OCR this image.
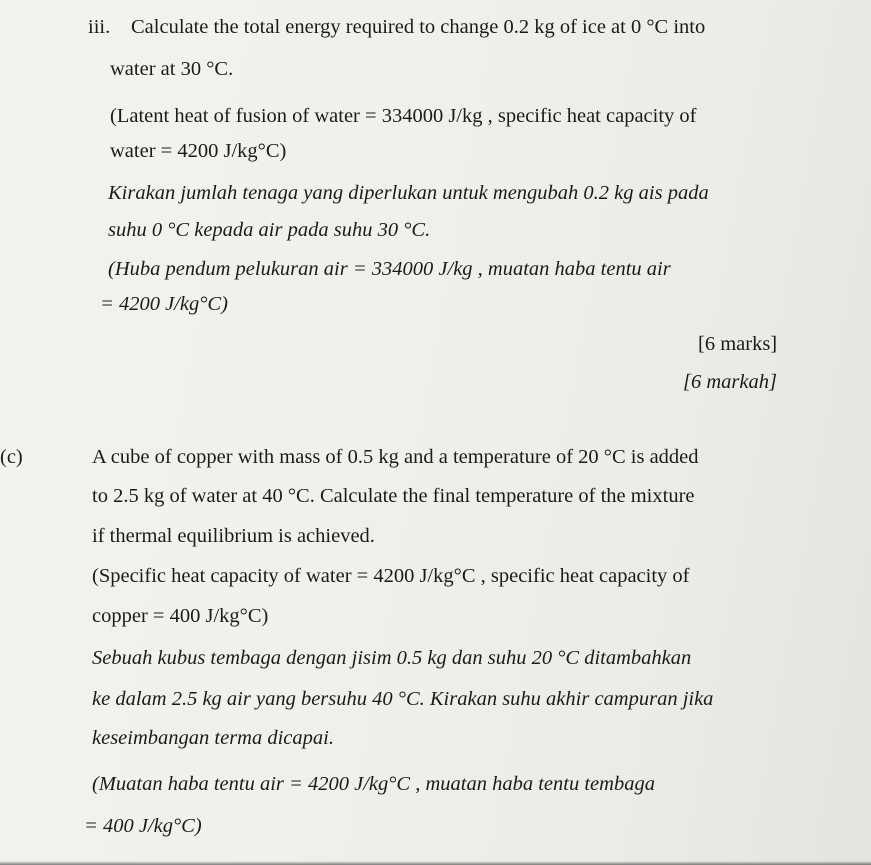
iii. Calculate the total energy required to change 0.2 kg of ice at 0 °C into
water at 30 °C.
(Latent heat of fusion of water = 334000 J/kg , specific heat capacity of
water = 4200 J/kg°C)
Kirakan jumlah tenaga yang diperlukan untuk mengubah 0.2 kg ais pada
suhu 0 °C kepada air pada suhu 30 °C.
(Huba pendum pelukuran air = 334000 J/kg , muatan haba tentu air
= 4200 J/kg°C)
[6 marks]
[6 markah]
(c)	A cube of copper with mass of 0.5 kg and a temperature of 20 °C is added
to 2.5 kg of water at 40 °C. Calculate the final temperature of the mixture
if thermal equilibrium is achieved.
(Specific heat capacity of water = 4200 J/kg°C , specific heat capacity of
copper = 400 J/kg°C)
Sebuah kubus tembaga dengan jisim 0.5 kg dan suhu 20 °C ditambahkan
ke dalam 2.5 kg air yang bersuhu 40 °C. Kirakan suhu akhir campuran jika
keseimbangan terma dicapai.
(Muatan haba tentu air = 4200 J/kg°C , muatan haba tentu tembaga
= 400 J/kg°C)
